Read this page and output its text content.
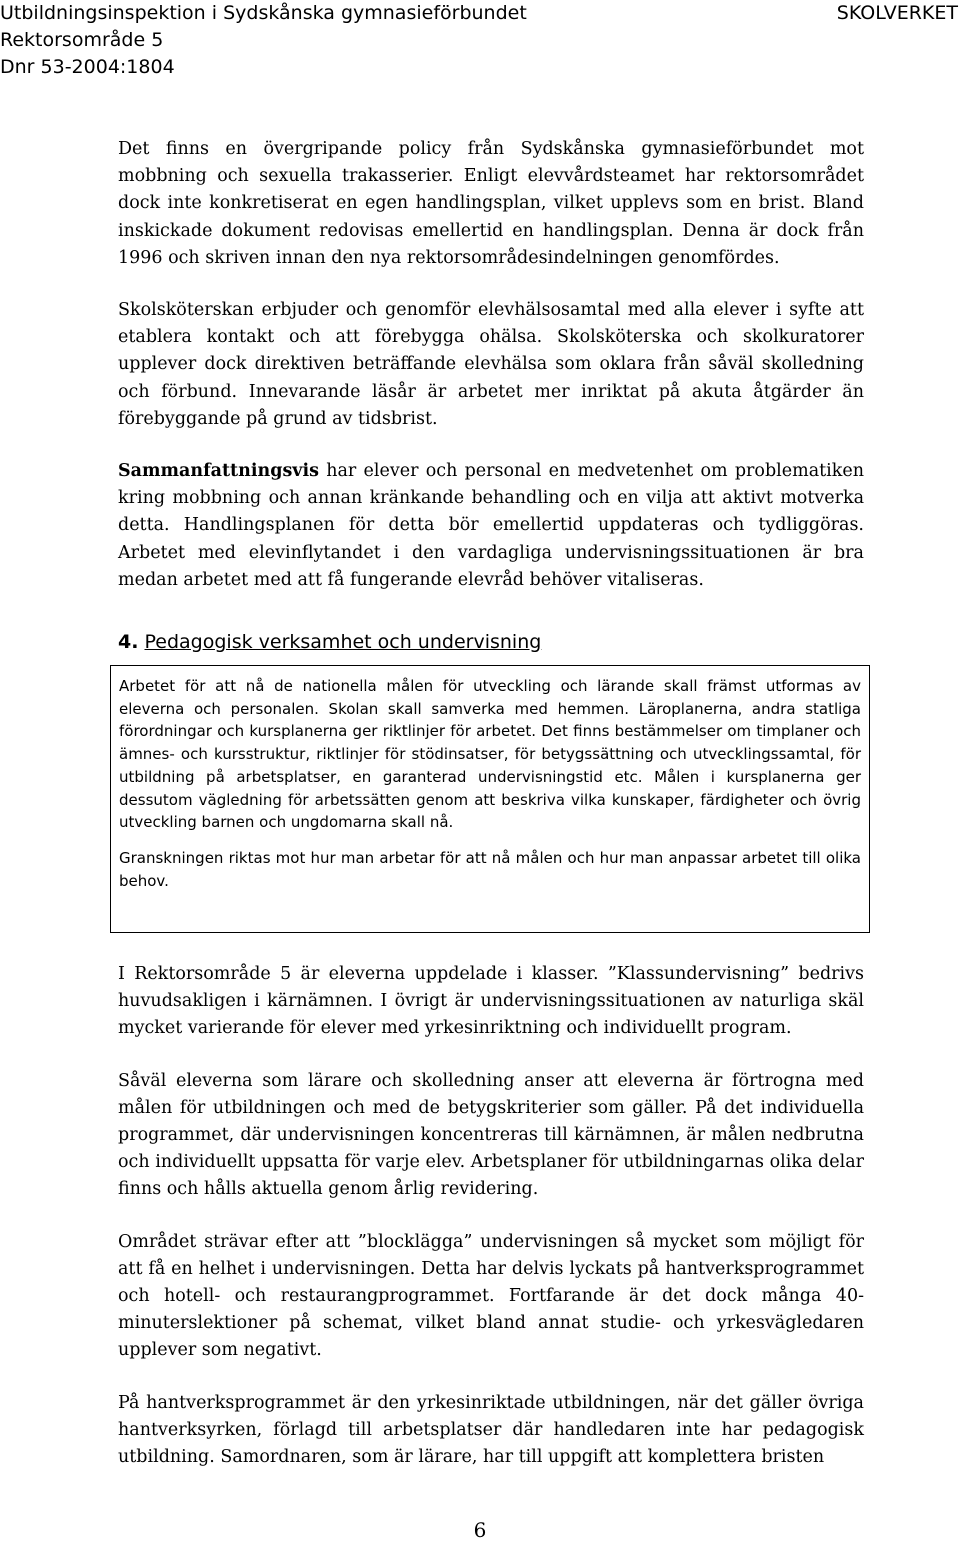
Utbildningsinspektion i Sydskånska gymnasieförbundet
Rektorsområde 5
Dnr 53-2004:1804
SKOLVERKET

Det finns en övergripande policy från Sydskånska gymnasieförbundet mot mobbning och sexuella trakasserier. Enligt elevvårdsteamet har rektorsområdet dock inte konkretiserat en egen handlingsplan, vilket upplevs som en brist. Bland inskickade dokument redovisas emellertid en handlingsplan. Denna är dock från 1996 och skriven innan den nya rektorsområdesindelningen genomfördes.

Skolsköterskan erbjuder och genomför elevhälsosamtal med alla elever i syfte att etablera kontakt och att förebygga ohälsa. Skolsköterska och skolkuratorer upplever dock direktiven beträffande elevhälsa som oklara från såväl skolledning och förbund. Innevarande läsår är arbetet mer inriktat på akuta åtgärder än förebyggande på grund av tidsbrist.

Sammanfattningsvis har elever och personal en medvetenhet om problematiken kring mobbning och annan kränkande behandling och en vilja att aktivt motverka detta. Handlingsplanen för detta bör emellertid uppdateras och tydliggöras. Arbetet med elevinflytandet i den vardagliga undervisningssituationen är bra medan arbetet med att få fungerande elevråd behöver vitaliseras.

4. Pedagogisk verksamhet och undervisning

Arbetet för att nå de nationella målen för utveckling och lärande skall främst utformas av eleverna och personalen. Skolan skall samverka med hemmen. Läroplanerna, andra statliga förordningar och kursplanerna ger riktlinjer för arbetet. Det finns bestämmelser om timplaner och ämnes- och kursstruktur, riktlinjer för stödinsatser, för betygssättning och utvecklingssamtal, för utbildning på arbetsplatser, en garanterad undervisningstid etc. Målen i kursplanerna ger dessutom vägledning för arbetssätten genom att beskriva vilka kunskaper, färdigheter och övrig utveckling barnen och ungdomarna skall nå.

Granskningen riktas mot hur man arbetar för att nå målen och hur man anpassar arbetet till olika behov.

I Rektorsområde 5 är eleverna uppdelade i klasser. ”Klassundervisning” bedrivs huvudsakligen i kärnämnen. I övrigt är undervisningssituationen av naturliga skäl mycket varierande för elever med yrkesinriktning och individuellt program.

Såväl eleverna som lärare och skolledning anser att eleverna är förtrogna med målen för utbildningen och med de betygskriterier som gäller. På det individuella programmet, där undervisningen koncentreras till kärnämnen, är målen nedbrutna och individuellt uppsatta för varje elev. Arbetsplaner för utbildningarnas olika delar finns och hålls aktuella genom årlig revidering.

Området strävar efter att ”blocklägga” undervisningen så mycket som möjligt för att få en helhet i undervisningen. Detta har delvis lyckats på hantverksprogrammet och hotell- och restaurangprogrammet. Fortfarande är det dock många 40-minuterslektioner på schemat, vilket bland annat studie- och yrkesvägledaren upplever som negativt.

På hantverksprogrammet är den yrkesinriktade utbildningen, när det gäller övriga hantverksyrken, förlagd till arbetsplatser där handledaren inte har pedagogisk utbildning. Samordnaren, som är lärare, har till uppgift att komplettera bristen

6
